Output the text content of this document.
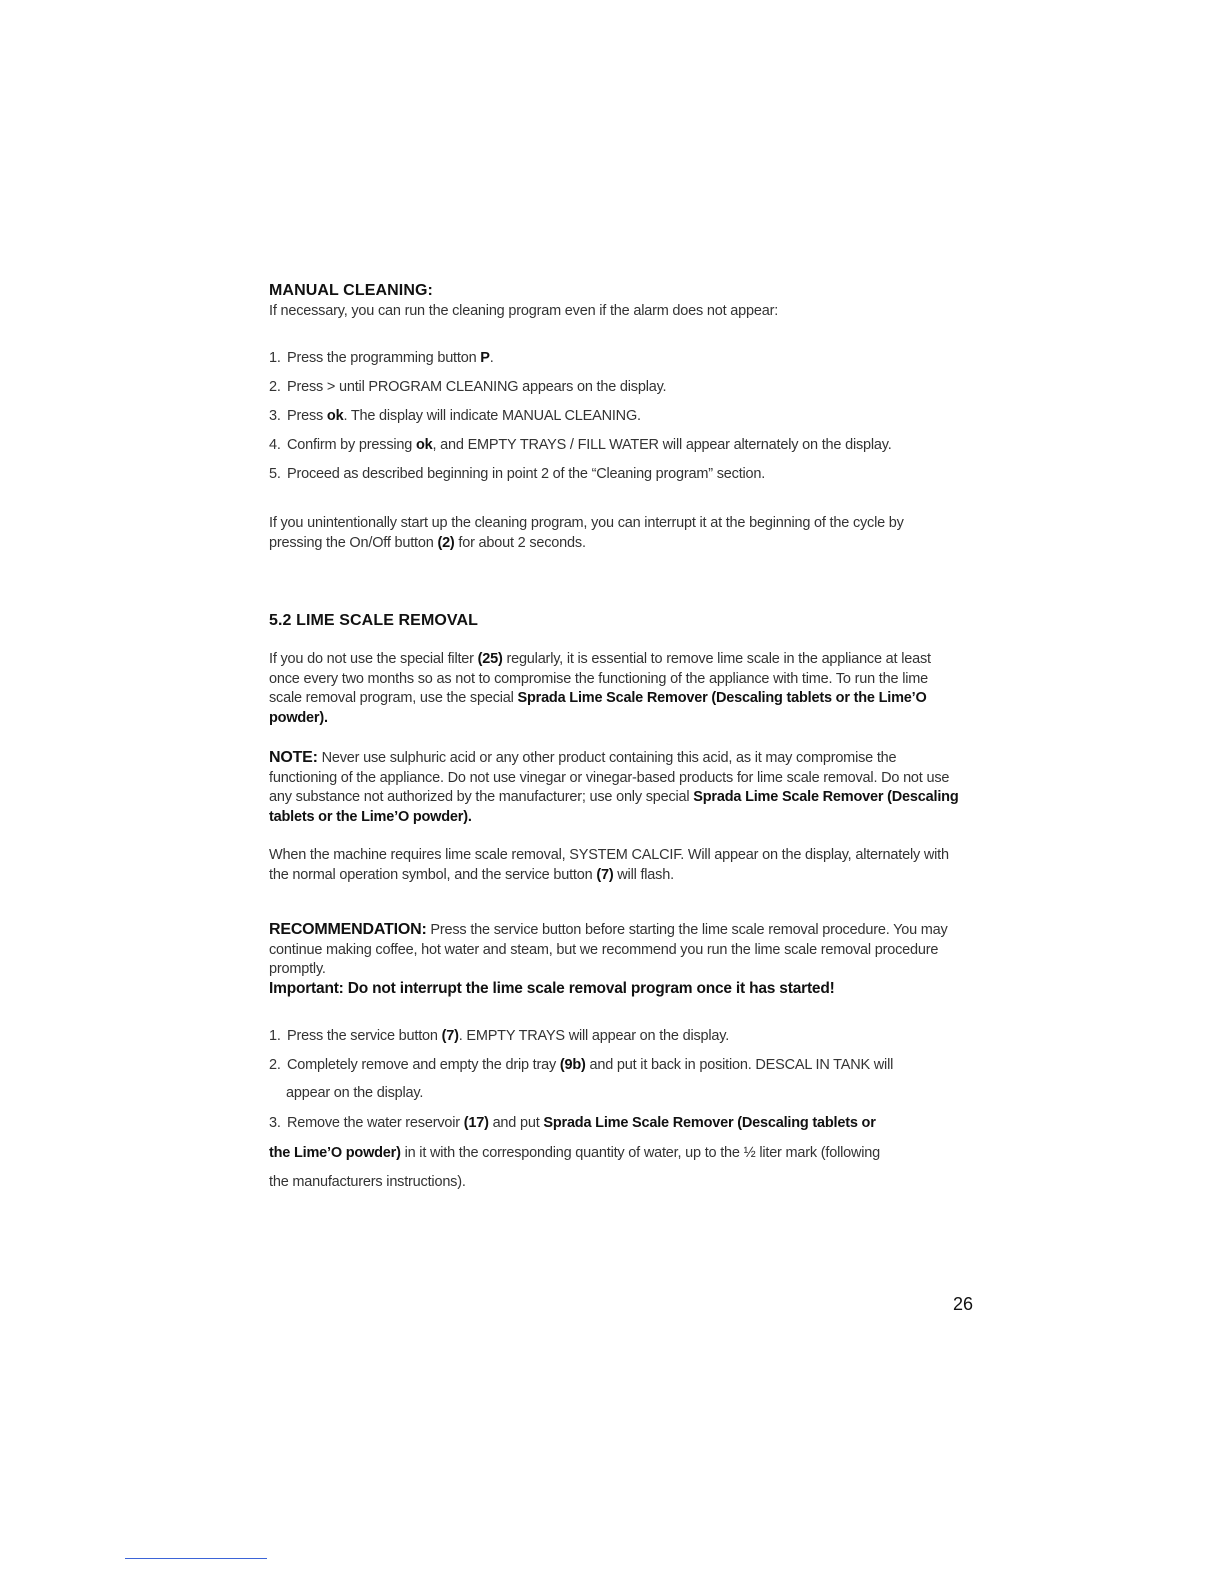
MANUAL CLEANING:
If necessary, you can run the cleaning program even if the alarm does not appear:
1. Press the programming button P.
2. Press > until PROGRAM CLEANING appears on the display.
3. Press ok. The display will indicate MANUAL CLEANING.
4. Confirm by pressing ok, and EMPTY TRAYS / FILL WATER will appear alternately on the display.
5. Proceed as described beginning in point 2 of the “Cleaning program” section.
If you unintentionally start up the cleaning program, you can interrupt it at the beginning of the cycle by pressing the On/Off button (2) for about 2 seconds.
5.2 LIME SCALE REMOVAL
If you do not use the special filter (25) regularly, it is essential to remove lime scale in the appliance at least once every two months so as not to compromise the functioning of the appliance with time. To run the lime scale removal program, use the special Sprada Lime Scale Remover (Descaling tablets or the Lime’O powder).
NOTE: Never use sulphuric acid or any other product containing this acid, as it may compromise the functioning of the appliance. Do not use vinegar or vinegar-based products for lime scale removal. Do not use any substance not authorized by the manufacturer; use only special Sprada Lime Scale Remover (Descaling tablets or the Lime’O powder).
When the machine requires lime scale removal, SYSTEM CALCIF. Will appear on the display, alternately with the normal operation symbol, and the service button (7) will flash.
RECOMMENDATION: Press the service button before starting the lime scale removal procedure. You may continue making coffee, hot water and steam, but we recommend you run the lime scale removal procedure promptly.
Important: Do not interrupt the lime scale removal program once it has started!
1. Press the service button (7). EMPTY TRAYS will appear on the display.
2. Completely remove and empty the drip tray (9b) and put it back in position. DESCAL IN TANK will
appear on the display.
3. Remove the water reservoir (17) and put Sprada Lime Scale Remover (Descaling tablets or
the Lime’O powder) in it with the corresponding quantity of water, up to the ½ liter mark (following
the manufacturers instructions).
26
